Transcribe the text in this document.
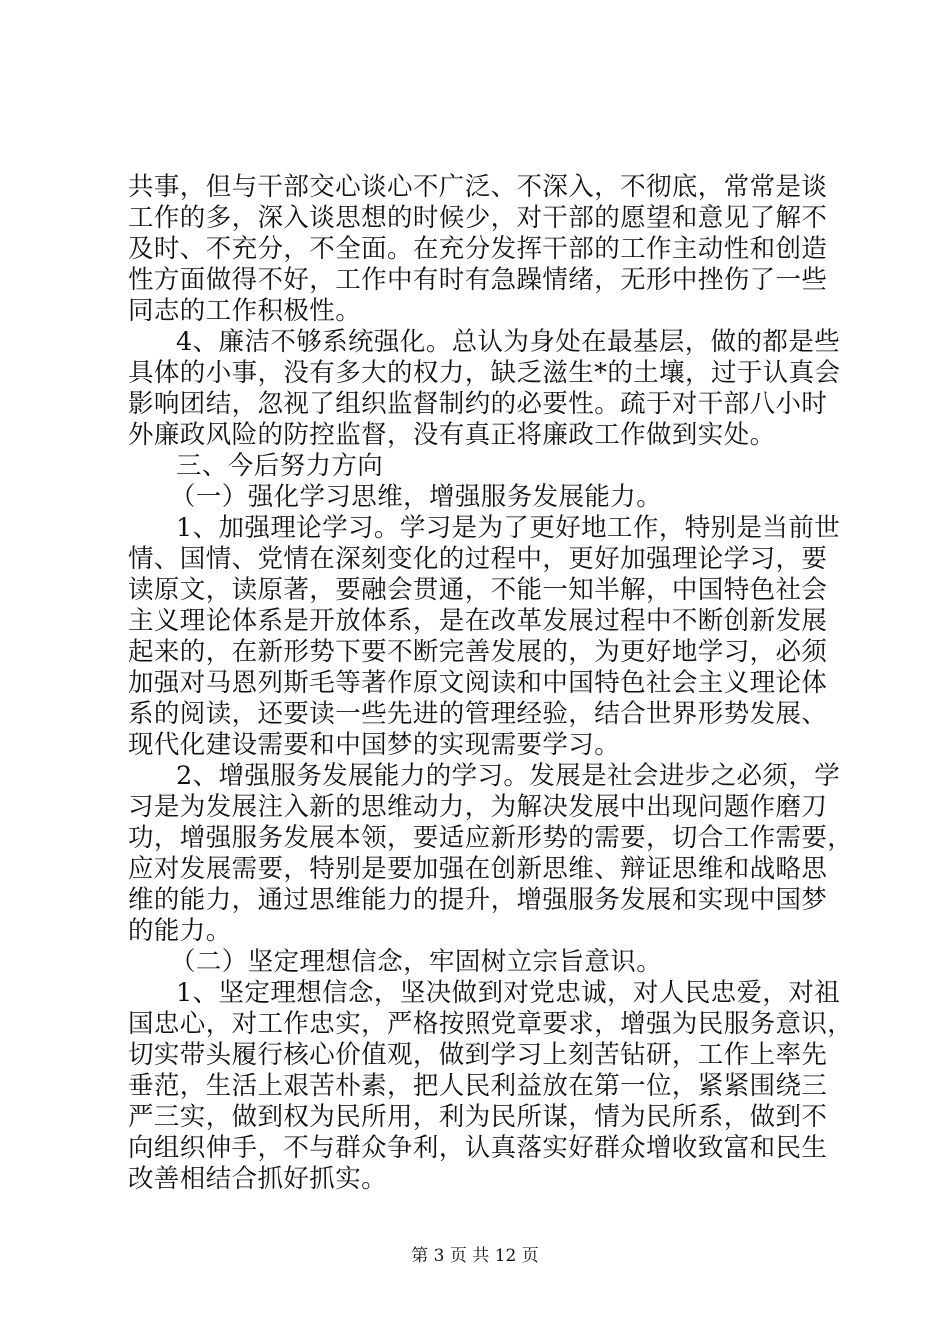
共事，但与干部交心谈心不广泛、不深入，不彻底，常常是谈
工作的多，深入谈思想的时候少，对干部的愿望和意见了解不
及时、不充分，不全面。在充分发挥干部的工作主动性和创造
性方面做得不好，工作中有时有急躁情绪，无形中挫伤了一些
同志的工作积极性。
4、廉洁不够系统强化。总认为身处在最基层，做的都是些
具体的小事，没有多大的权力，缺乏滋生*的土壤，过于认真会
影响团结，忽视了组织监督制约的必要性。疏于对干部八小时
外廉政风险的防控监督，没有真正将廉政工作做到实处。
三、今后努力方向
（一）强化学习思维，增强服务发展能力。
1、加强理论学习。学习是为了更好地工作，特别是当前世
情、国情、党情在深刻变化的过程中，更好加强理论学习，要
读原文，读原著，要融会贯通，不能一知半解，中国特色社会
主义理论体系是开放体系，是在改革发展过程中不断创新发展
起来的，在新形势下要不断完善发展的，为更好地学习，必须
加强对马恩列斯毛等著作原文阅读和中国特色社会主义理论体
系的阅读，还要读一些先进的管理经验，结合世界形势发展、
现代化建设需要和中国梦的实现需要学习。
2、增强服务发展能力的学习。发展是社会进步之必须，学
习是为发展注入新的思维动力，为解决发展中出现问题作磨刀
功，增强服务发展本领，要适应新形势的需要，切合工作需要，
应对发展需要，特别是要加强在创新思维、辩证思维和战略思
维的能力，通过思维能力的提升，增强服务发展和实现中国梦
的能力。
（二）坚定理想信念，牢固树立宗旨意识。
1、坚定理想信念，坚决做到对党忠诚，对人民忠爱，对祖
国忠心，对工作忠实，严格按照党章要求，增强为民服务意识，
切实带头履行核心价值观，做到学习上刻苦钻研，工作上率先
垂范，生活上艰苦朴素，把人民利益放在第一位，紧紧围绕三
严三实，做到权为民所用，利为民所谋，情为民所系，做到不
向组织伸手，不与群众争利，认真落实好群众增收致富和民生
改善相结合抓好抓实。
第 3 页 共 12 页
